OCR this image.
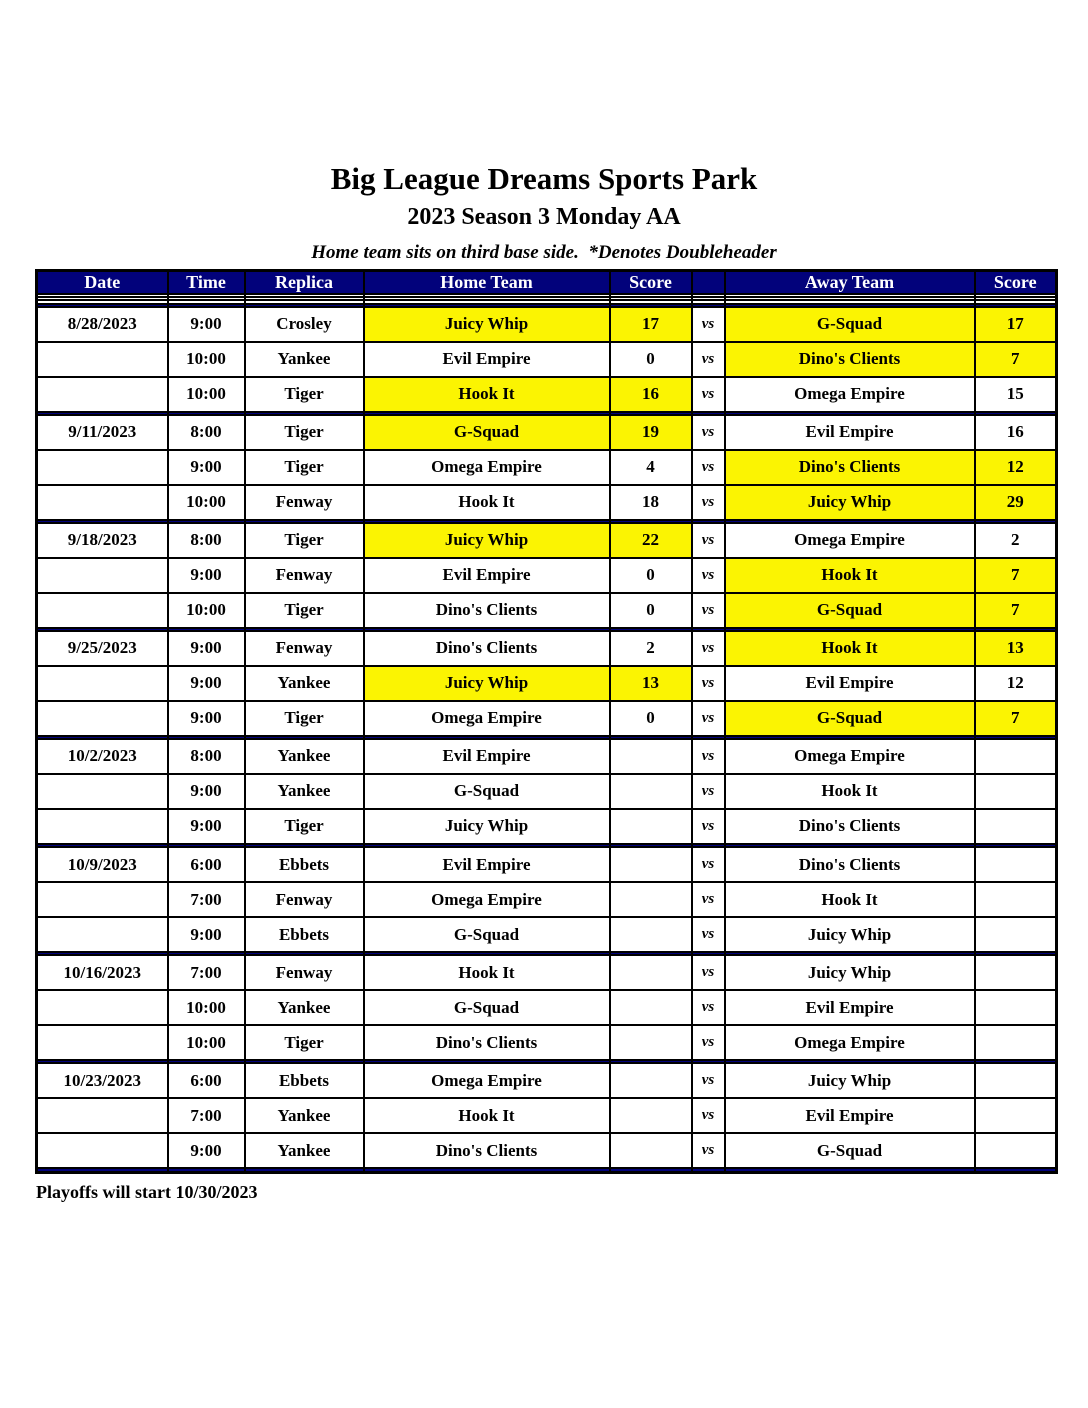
Big League Dreams Sports Park
2023 Season 3 Monday AA
Home team sits on third base side.  *Denotes Doubleheader
Date	Time	Replica	Home Team	Score		Away Team	Score

8/28/2023	9:00	Crosley	Juicy Whip	17	vs	G-Squad	17
	10:00	Yankee	Evil Empire	0	vs	Dino's Clients	7
	10:00	Tiger	Hook It	16	vs	Omega Empire	15

9/11/2023	8:00	Tiger	G-Squad	19	vs	Evil Empire	16
	9:00	Tiger	Omega Empire	4	vs	Dino's Clients	12
	10:00	Fenway	Hook It	18	vs	Juicy Whip	29

9/18/2023	8:00	Tiger	Juicy Whip	22	vs	Omega Empire	2
	9:00	Fenway	Evil Empire	0	vs	Hook It	7
	10:00	Tiger	Dino's Clients	0	vs	G-Squad	7

9/25/2023	9:00	Fenway	Dino's Clients	2	vs	Hook It	13
	9:00	Yankee	Juicy Whip	13	vs	Evil Empire	12
	9:00	Tiger	Omega Empire	0	vs	G-Squad	7

10/2/2023	8:00	Yankee	Evil Empire		vs	Omega Empire	
	9:00	Yankee	G-Squad		vs	Hook It	
	9:00	Tiger	Juicy Whip		vs	Dino's Clients	

10/9/2023	6:00	Ebbets	Evil Empire		vs	Dino's Clients	
	7:00	Fenway	Omega Empire		vs	Hook It	
	9:00	Ebbets	G-Squad		vs	Juicy Whip	

10/16/2023	7:00	Fenway	Hook It		vs	Juicy Whip	
	10:00	Yankee	G-Squad		vs	Evil Empire	
	10:00	Tiger	Dino's Clients		vs	Omega Empire	

10/23/2023	6:00	Ebbets	Omega Empire		vs	Juicy Whip	
	7:00	Yankee	Hook It		vs	Evil Empire	
	9:00	Yankee	Dino's Clients		vs	G-Squad	

Playoffs will start 10/30/2023
